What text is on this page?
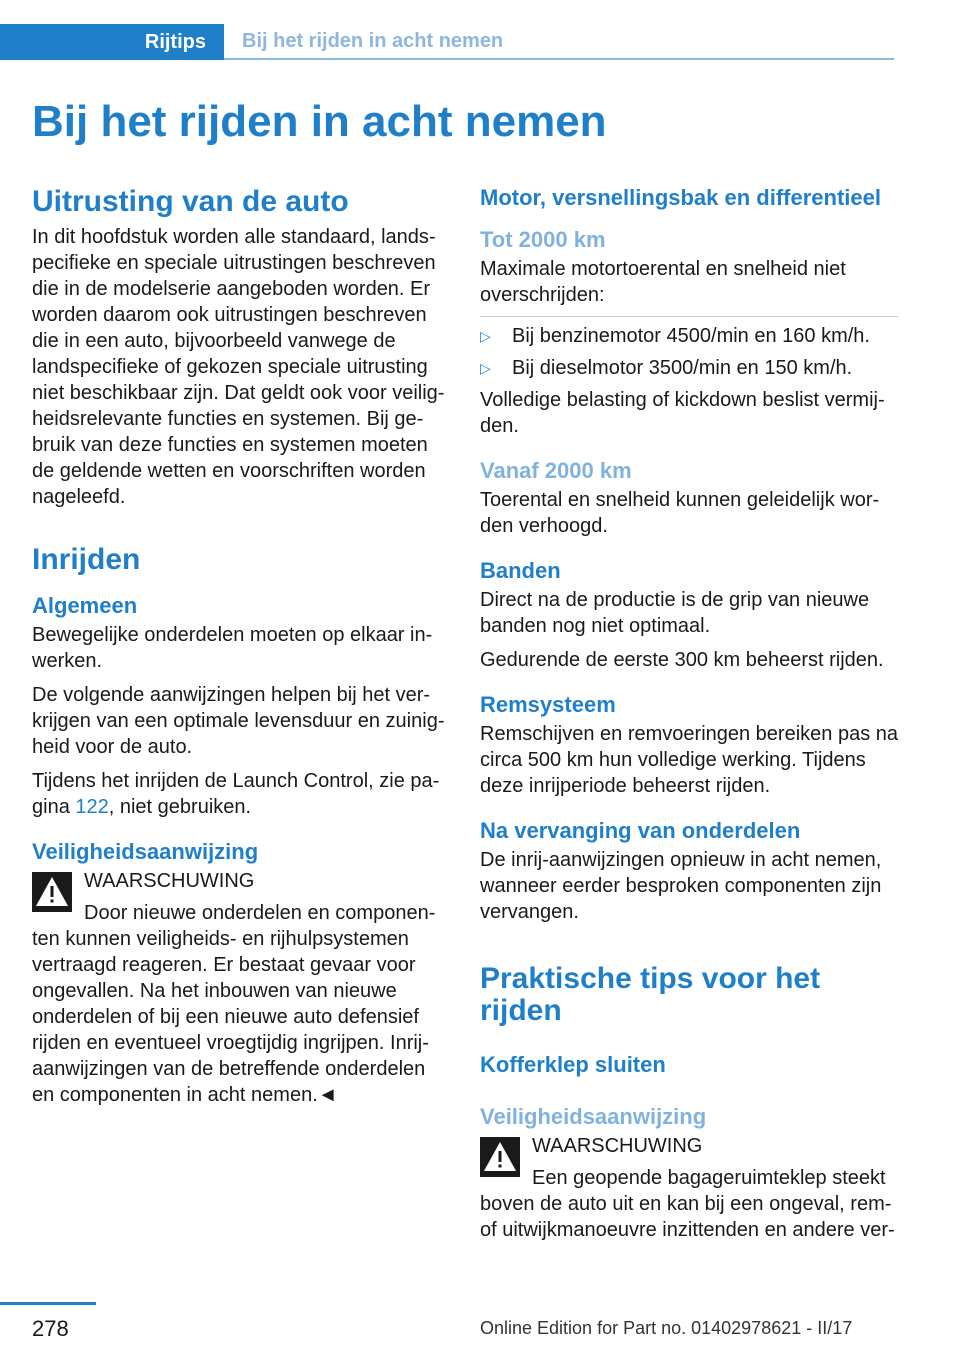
Rijtips	Bij het rijden in acht nemen
Bij het rijden in acht nemen
Uitrusting van de auto

In dit hoofdstuk worden alle standaard, landspecifieke en speciale uitrustingen beschreven die in de modelserie aangeboden worden. Er worden daarom ook uitrustingen beschreven die in een auto, bijvoorbeeld vanwege de landspecifieke of gekozen speciale uitrusting niet beschikbaar zijn. Dat geldt ook voor veiligheidsrelevante functies en systemen. Bij gebruik van deze functies en systemen moeten de geldende wetten en voorschriften worden nageleefd.

Inrijden
Algemeen

Bewegelijke onderdelen moeten op elkaar inwerken.

De volgende aanwijzingen helpen bij het verkrijgen van een optimale levensduur en zuinigheid voor de auto.

Tijdens het inrijden de Launch Control, zie pagina 122, niet gebruiken.

Veiligheidsaanwijzing

WAARSCHUWING

Door nieuwe onderdelen en componenten kunnen veiligheids- en rijhulpsystemen vertraagd reageren. Er bestaat gevaar voor ongevallen. Na het inbouwen van nieuwe onderdelen of bij een nieuwe auto defensief rijden en eventueel vroegtijdig ingrijpen. Inrij-aanwijzingen van de betreffende onderdelen en componenten in acht nemen.◄

Motor, versnellingsbak en differentieel
Tot 2000 km

Maximale motortoerental en snelheid niet overschrijden:

▷ Bij benzinemotor 4500/min en 160 km/h.
▷ Bij dieselmotor 3500/min en 150 km/h.

Volledige belasting of kickdown beslist vermijden.

Vanaf 2000 km

Toerental en snelheid kunnen geleidelijk worden verhoogd.

Banden

Direct na de productie is de grip van nieuwe banden nog niet optimaal.

Gedurende de eerste 300 km beheerst rijden.

Remsysteem

Remschijven en remvoeringen bereiken pas na circa 500 km hun volledige werking. Tijdens deze inrijperiode beheerst rijden.

Na vervanging van onderdelen

De inrij-aanwijzingen opnieuw in acht nemen, wanneer eerder besproken componenten zijn vervangen.

Praktische tips voor het rijden
Kofferklep sluiten
Veiligheidsaanwijzing

WAARSCHUWING

Een geopende bagageruimteklep steekt boven de auto uit en kan bij een ongeval, rem- of uitwijkmanoeuvre inzittenden en andere ver-

278	Online Edition for Part no. 01402978621 - II/17
